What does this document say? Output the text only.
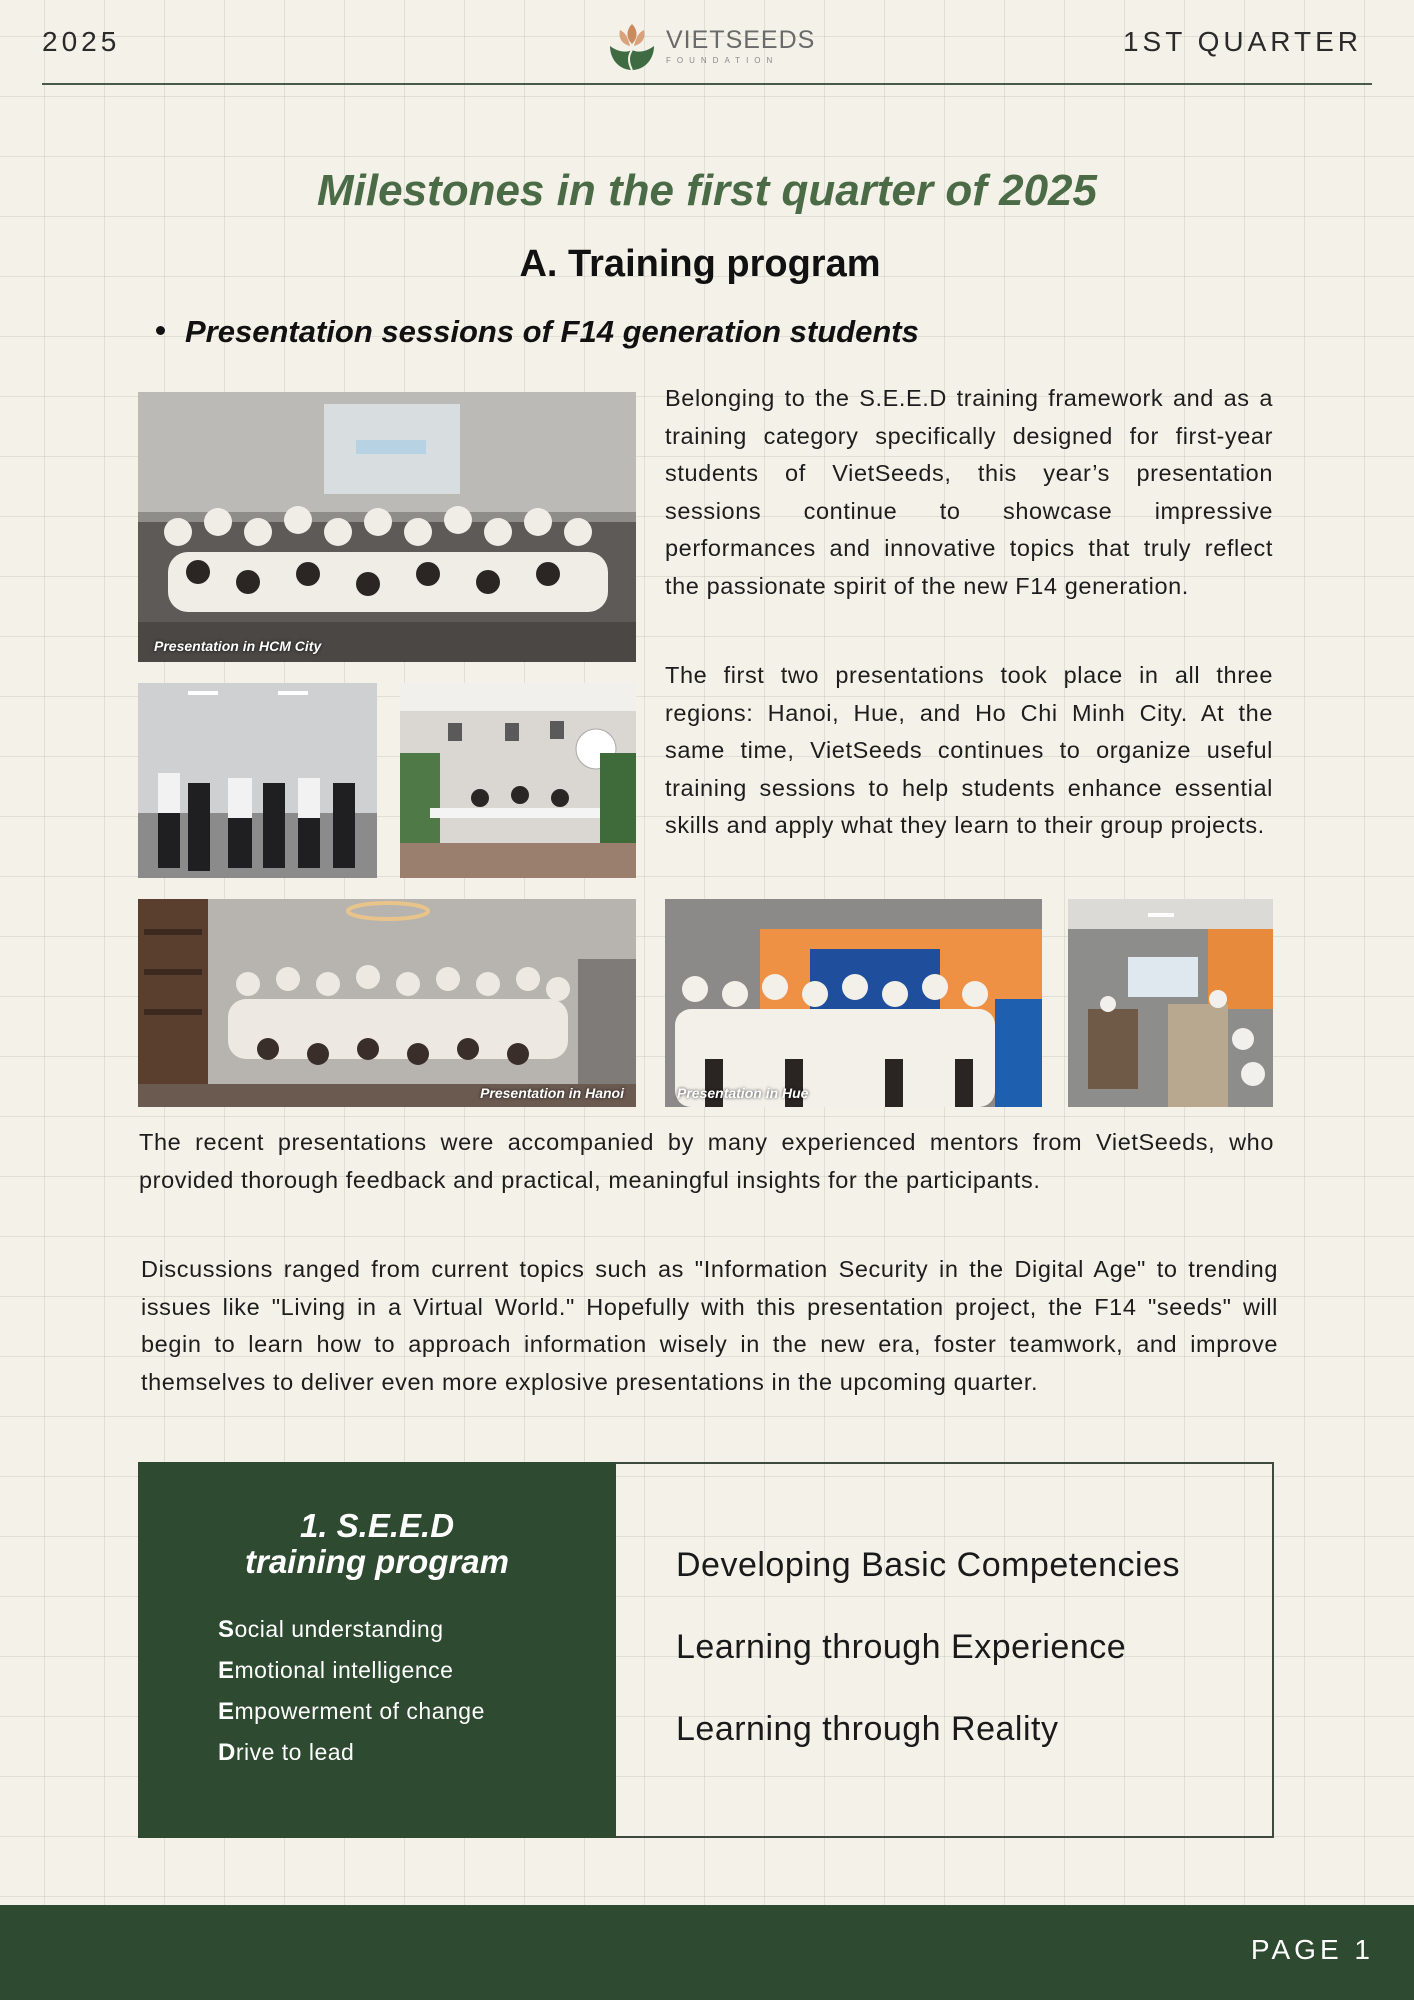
2025	VIETSEEDS
FOUNDATION
1ST QUARTER
Milestones in the first quarter of 2025
A. Training program
Presentation sessions of F14 generation students
Presentation in HCM City
Presentation in Hanoi	Presentation in Hue
Belonging to the S.E.E.D training framework and as a training category specifically designed for first-year students of VietSeeds, this year’s presentation sessions continue to showcase impressive performances and innovative topics that truly reflect the passionate spirit of the new F14 generation.
The first two presentations took place in all three regions: Hanoi, Hue, and Ho Chi Minh City. At the same time, VietSeeds continues to organize useful training sessions to help students enhance essential skills and apply what they learn to their group projects.
The recent presentations were accompanied by many experienced mentors from VietSeeds, who provided thorough feedback and practical, meaningful insights for the participants.
Discussions ranged from current topics such as "Information Security in the Digital Age" to trending issues like "Living in a Virtual World." Hopefully with this presentation project, the F14 "seeds" will begin to learn how to approach information wisely in the new era, foster teamwork, and improve themselves to deliver even more explosive presentations in the upcoming quarter.
1. S.E.E.D
training program
Social understanding
Emotional intelligence
Empowerment of change
Drive to lead
Developing Basic Competencies
Learning through Experience
Learning through Reality
PAGE 1
